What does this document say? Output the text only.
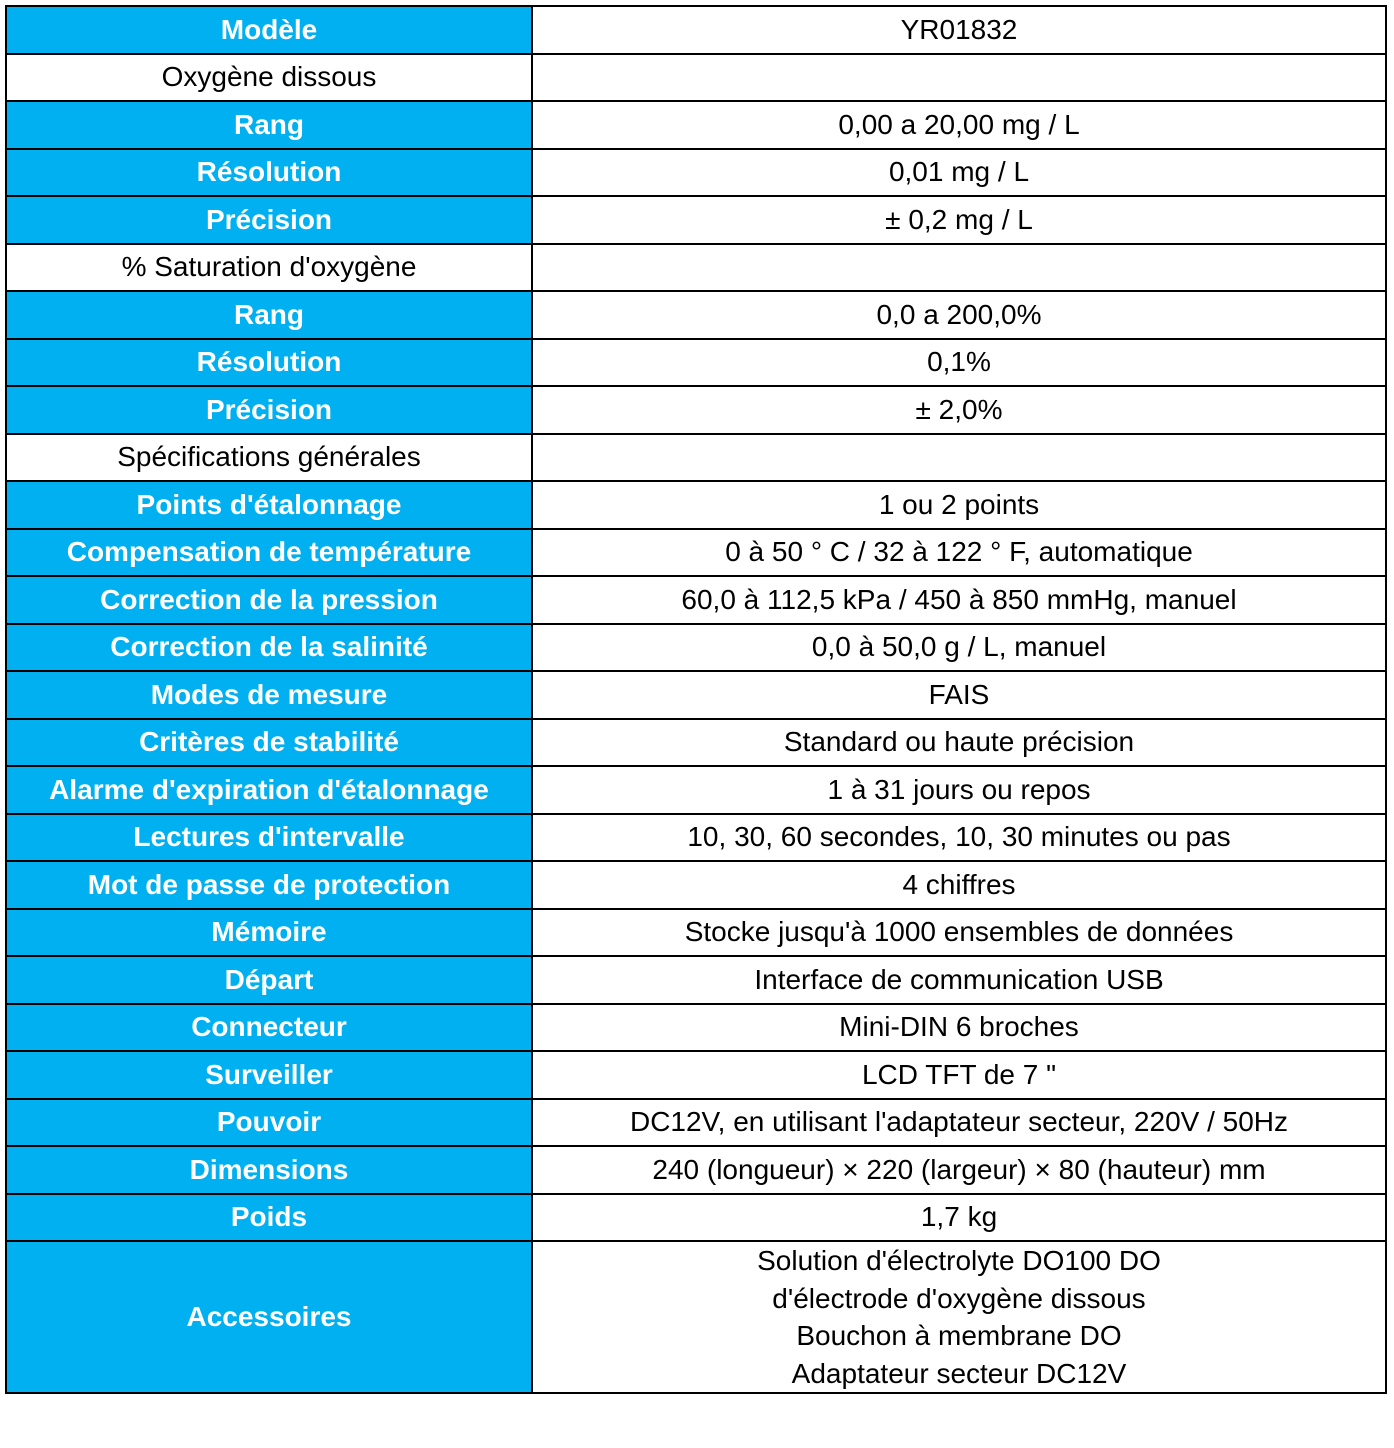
Modèle	YR01832
Oxygène dissous	
Rang	0,00 a 20,00 mg / L
Résolution	0,01 mg / L
Précision	± 0,2 mg / L
% Saturation d'oxygène	
Rang	0,0 a 200,0%
Résolution	0,1%
Précision	± 2,0%
Spécifications générales	
Points d'étalonnage	1 ou 2 points
Compensation de température	0 à 50 ° C / 32 à 122 ° F, automatique
Correction de la pression	60,0 à 112,5 kPa / 450 à 850 mmHg, manuel
Correction de la salinité	0,0 à 50,0 g / L, manuel
Modes de mesure	FAIS
Critères de stabilité	Standard ou haute précision
Alarme d'expiration d'étalonnage	1 à 31 jours ou repos
Lectures d'intervalle	10, 30, 60 secondes, 10, 30 minutes ou pas
Mot de passe de protection	4 chiffres
Mémoire	Stocke jusqu'à 1000 ensembles de données
Départ	Interface de communication USB
Connecteur	Mini-DIN 6 broches
Surveiller	LCD TFT de 7 "
Pouvoir	DC12V, en utilisant l'adaptateur secteur, 220V / 50Hz
Dimensions	240 (longueur) × 220 (largeur) × 80 (hauteur) mm
Poids	1,7 kg
Accessoires	Solution d'électrolyte DO100 DO
d'électrode d'oxygène dissous
Bouchon à membrane DO
Adaptateur secteur DC12V
